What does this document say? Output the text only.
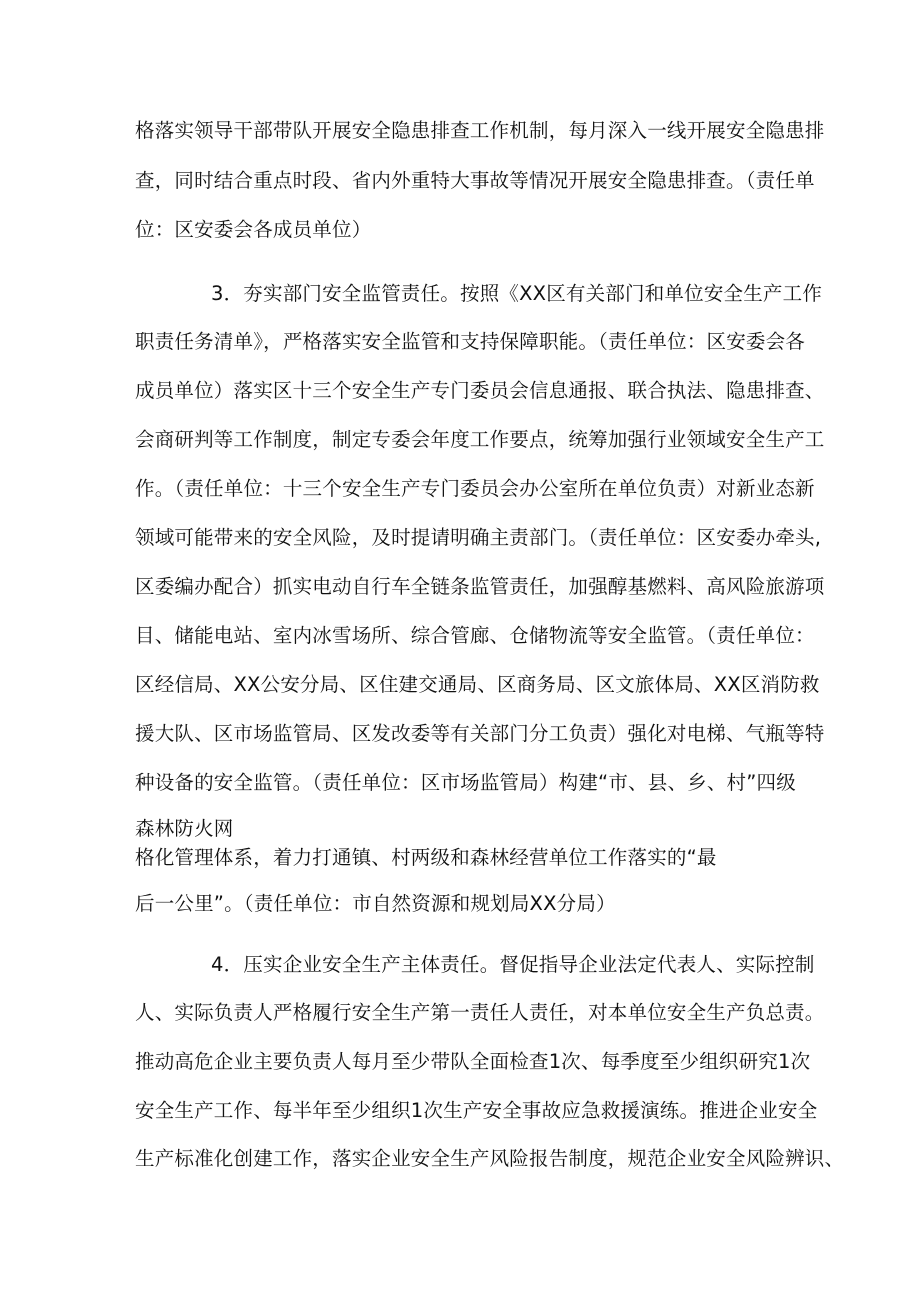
格落实领导干部带队开展安全隐患排查工作机制，每月深入一线开展安全隐患排

查，同时结合重点时段、省内外重特大事故等情况开展安全隐患排查。（责任单

位：区安委会各成员单位）

3．夯实部门安全监管责任。按照《XX区有关部门和单位安全生产工作

职责任务清单》，严格落实安全监管和支持保障职能。（责任单位：区安委会各

成员单位）落实区十三个安全生产专门委员会信息通报、联合执法、隐患排查、

会商研判等工作制度，制定专委会年度工作要点，统筹加强行业领域安全生产工

作。（责任单位：十三个安全生产专门委员会办公室所在单位负责）对新业态新

领域可能带来的安全风险，及时提请明确主责部门。（责任单位：区安委办牵头,

区委编办配合）抓实电动自行车全链条监管责任，加强醇基燃料、高风险旅游项

目、储能电站、室内冰雪场所、综合管廊、仓储物流等安全监管。（责任单位：

区经信局、XX公安分局、区住建交通局、区商务局、区文旅体局、XX区消防救

援大队、区市场监管局、区发改委等有关部门分工负责）强化对电梯、气瓶等特

种设备的安全监管。（责任单位：区市场监管局）构建“市、县、乡、村”四级

森林防火网

格化管理体系，着力打通镇、村两级和森林经营单位工作落实的“最

后一公里”。（责任单位：市自然资源和规划局XX分局）

4．压实企业安全生产主体责任。督促指导企业法定代表人、实际控制

人、实际负责人严格履行安全生产第一责任人责任，对本单位安全生产负总责。

推动高危企业主要负责人每月至少带队全面检查1次、每季度至少组织研究1次

安全生产工作、每半年至少组织1次生产安全事故应急救援演练。推进企业安全

生产标准化创建工作，落实企业安全生产风险报告制度，规范企业安全风险辨识、
